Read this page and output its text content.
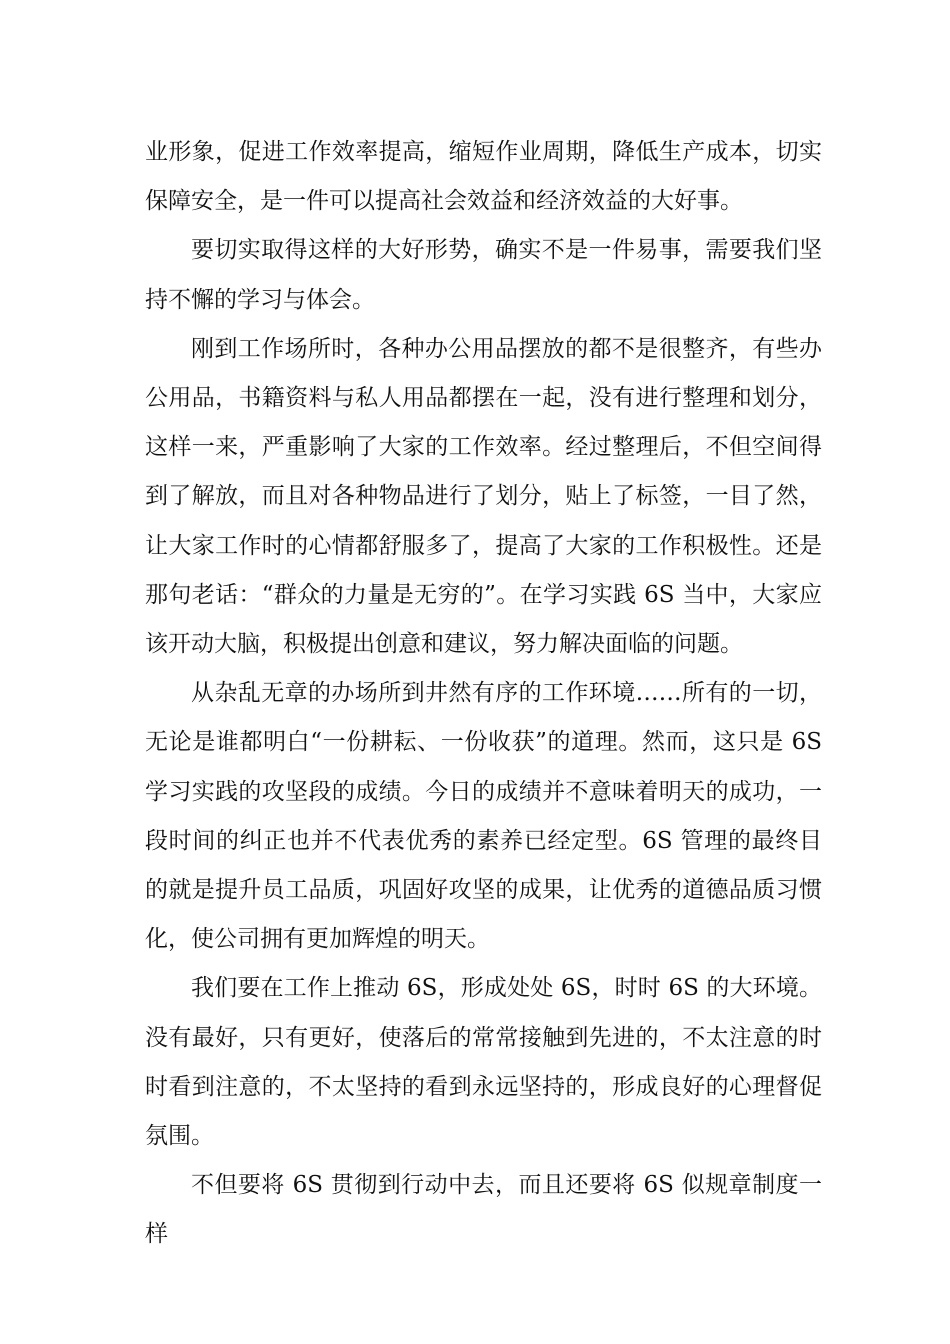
业形象，促进工作效率提高，缩短作业周期，降低生产成本，切实保障安全，是一件可以提高社会效益和经济效益的大好事。

要切实取得这样的大好形势，确实不是一件易事，需要我们坚持不懈的学习与体会。

刚到工作场所时，各种办公用品摆放的都不是很整齐，有些办公用品，书籍资料与私人用品都摆在一起，没有进行整理和划分，这样一来，严重影响了大家的工作效率。经过整理后，不但空间得到了解放，而且对各种物品进行了划分，贴上了标签，一目了然，让大家工作时的心情都舒服多了，提高了大家的工作积极性。还是那句老话：“群众的力量是无穷的”。在学习实践 6S 当中，大家应该开动大脑，积极提出创意和建议，努力解决面临的问题。

从杂乱无章的办场所到井然有序的工作环境……所有的一切，无论是谁都明白“一份耕耘、一份收获”的道理。然而，这只是 6S 学习实践的攻坚段的成绩。今日的成绩并不意味着明天的成功，一段时间的纠正也并不代表优秀的素养已经定型。6S 管理的最终目的就是提升员工品质，巩固好攻坚的成果，让优秀的道德品质习惯化，使公司拥有更加辉煌的明天。

我们要在工作上推动 6S，形成处处 6S，时时 6S 的大环境。没有最好，只有更好，使落后的常常接触到先进的，不太注意的时时看到注意的，不太坚持的看到永远坚持的，形成良好的心理督促氛围。

不但要将 6S 贯彻到行动中去，而且还要将 6S 似规章制度一样
